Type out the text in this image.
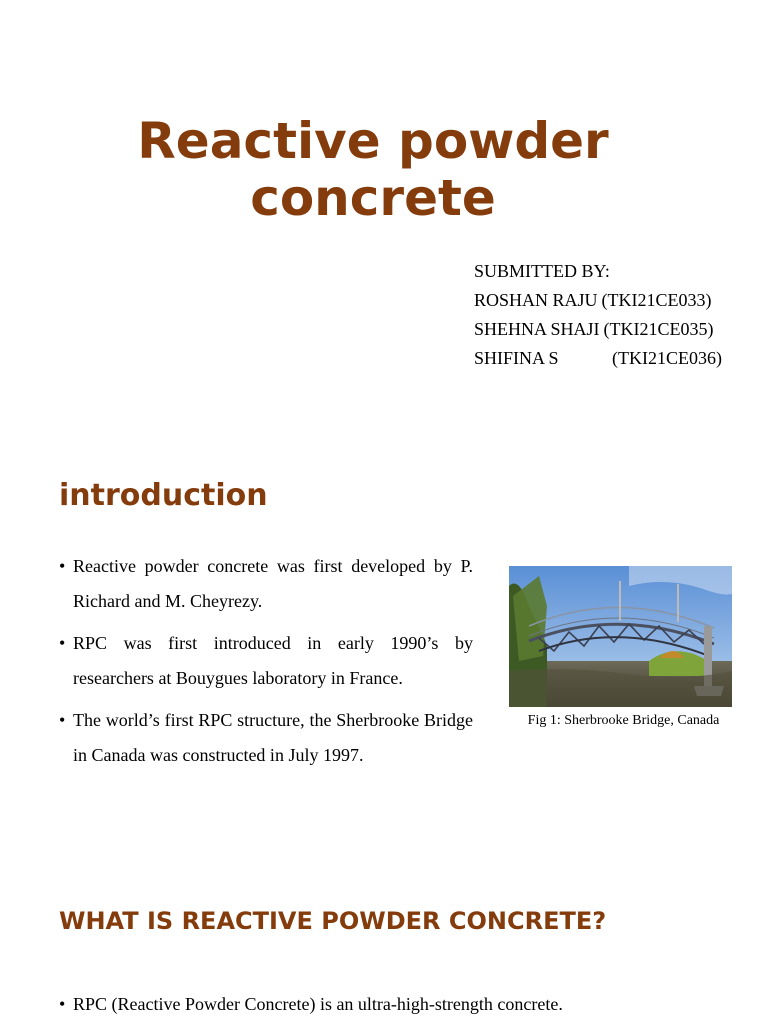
Reactive powder
concrete
SUBMITTED BY:
ROSHAN RAJU (TKI21CE033)
SHEHNA SHAJI (TKI21CE035)
SHIFINA S	(TKI21CE036)
introduction
• Reactive powder concrete was first developed by P. Richard and M. Cheyrezy.
• RPC was first introduced in early 1990’s by researchers at Bouygues laboratory in France.
• The world’s first RPC structure, the Sherbrooke Bridge in Canada was constructed in July 1997.
Fig 1: Sherbrooke Bridge, Canada
WHAT IS REACTIVE POWDER CONCRETE?
• RPC (Reactive Powder Concrete) is an ultra-high-strength concrete.
